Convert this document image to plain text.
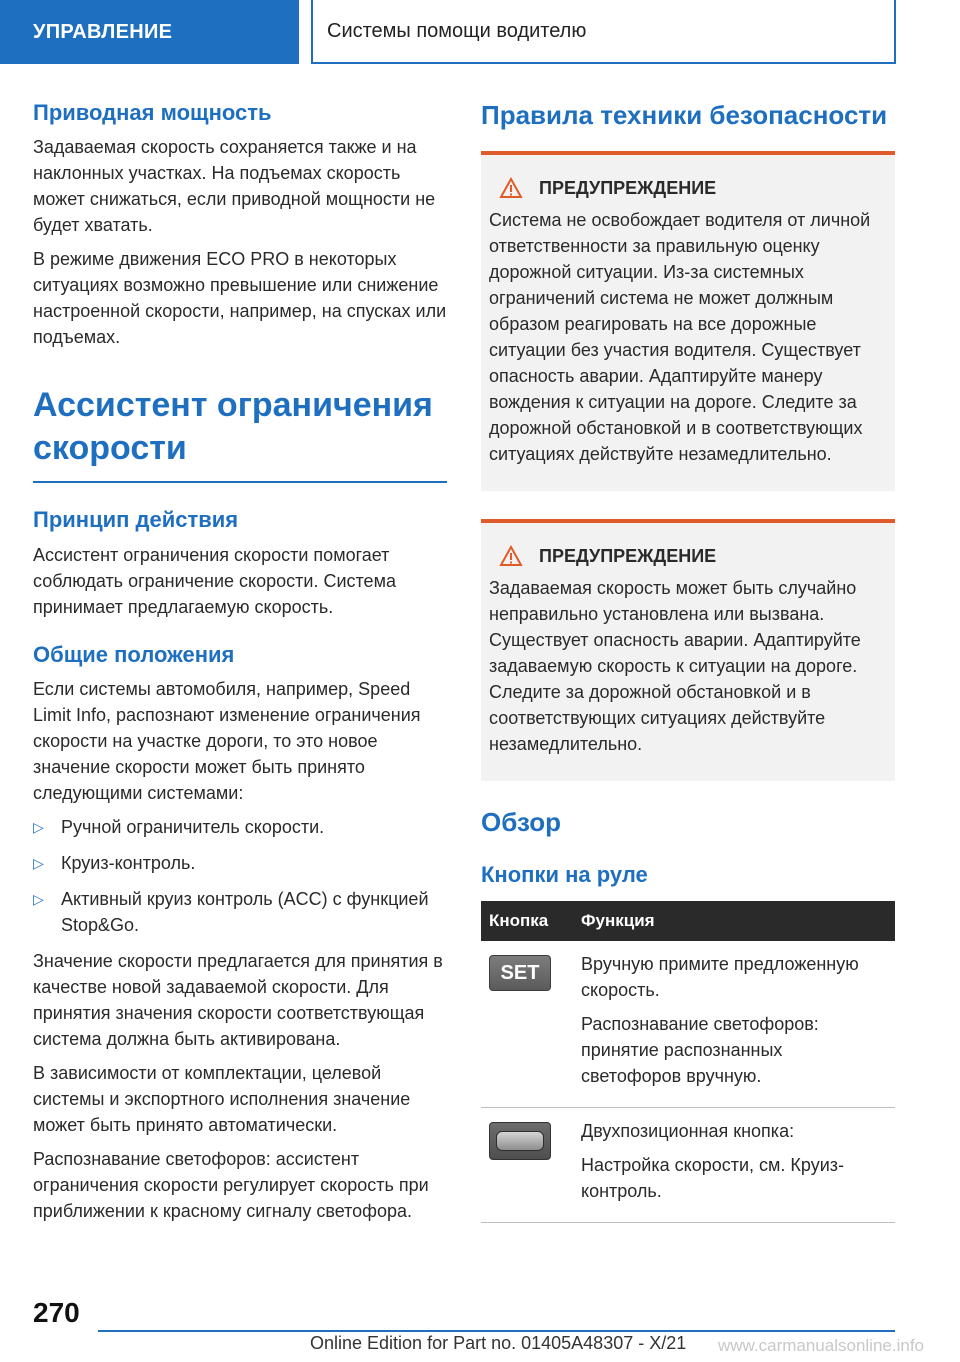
УПРАВЛЕНИЕ	Системы помощи водителю
Приводная мощность

Задаваемая скорость сохраняется также и на наклонных участках. На подъемах скорость может снижаться, если приводной мощности не будет хватать.

В режиме движения ECO PRO в некоторых ситуациях возможно превышение или снижение настроенной скорости, например, на спусках или подъемах.

Ассистент ограничения скорости
Принцип действия

Ассистент ограничения скорости помогает соблюдать ограничение скорости. Система принимает предлагаемую скорость.

Общие положения

Если системы автомобиля, например, Speed Limit Info, распознают изменение ограничения скорости на участке дороги, то это новое значение скорости может быть принято следующими системами:

▷ Ручной ограничитель скорости.
▷ Круиз-контроль.
▷ Активный круиз контроль (ACC) с функцией Stop&Go.

Значение скорости предлагается для принятия в качестве новой задаваемой скорости. Для принятия значения скорости соответствующая система должна быть активирована.

В зависимости от комплектации, целевой системы и экспортного исполнения значение может быть принято автоматически.

Распознавание светофоров: ассистент ограничения скорости регулирует скорость при приближении к красному сигналу светофора.

Правила техники безопасности
ПРЕДУПРЕЖДЕНИЕ

Система не освобождает водителя от личной ответственности за правильную оценку дорожной ситуации. Из-за системных ограничений система не может должным образом реагировать на все дорожные ситуации без участия водителя. Существует опасность аварии. Адаптируйте манеру вождения к ситуации на дороге. Следите за дорожной обстановкой и в соответствующих ситуациях действуйте незамедлительно.

ПРЕДУПРЕЖДЕНИЕ

Задаваемая скорость может быть случайно неправильно установлена или вызвана. Существует опасность аварии. Адаптируйте задаваемую скорость к ситуации на дороге. Следите за дорожной обстановкой и в соответствующих ситуациях действуйте незамедлительно.

Обзор
Кнопки на руле
Кнопка	Функция

SET	Вручную примите предложенную скорость.

Распознавание светофоров: принятие распознанных светофоров вручную.

	Двухпозиционная кнопка:

Настройка скорости, см. Круиз-контроль.

270
Online Edition for Part no. 01405A48307 - X/21 www.carmanualsonline.info
